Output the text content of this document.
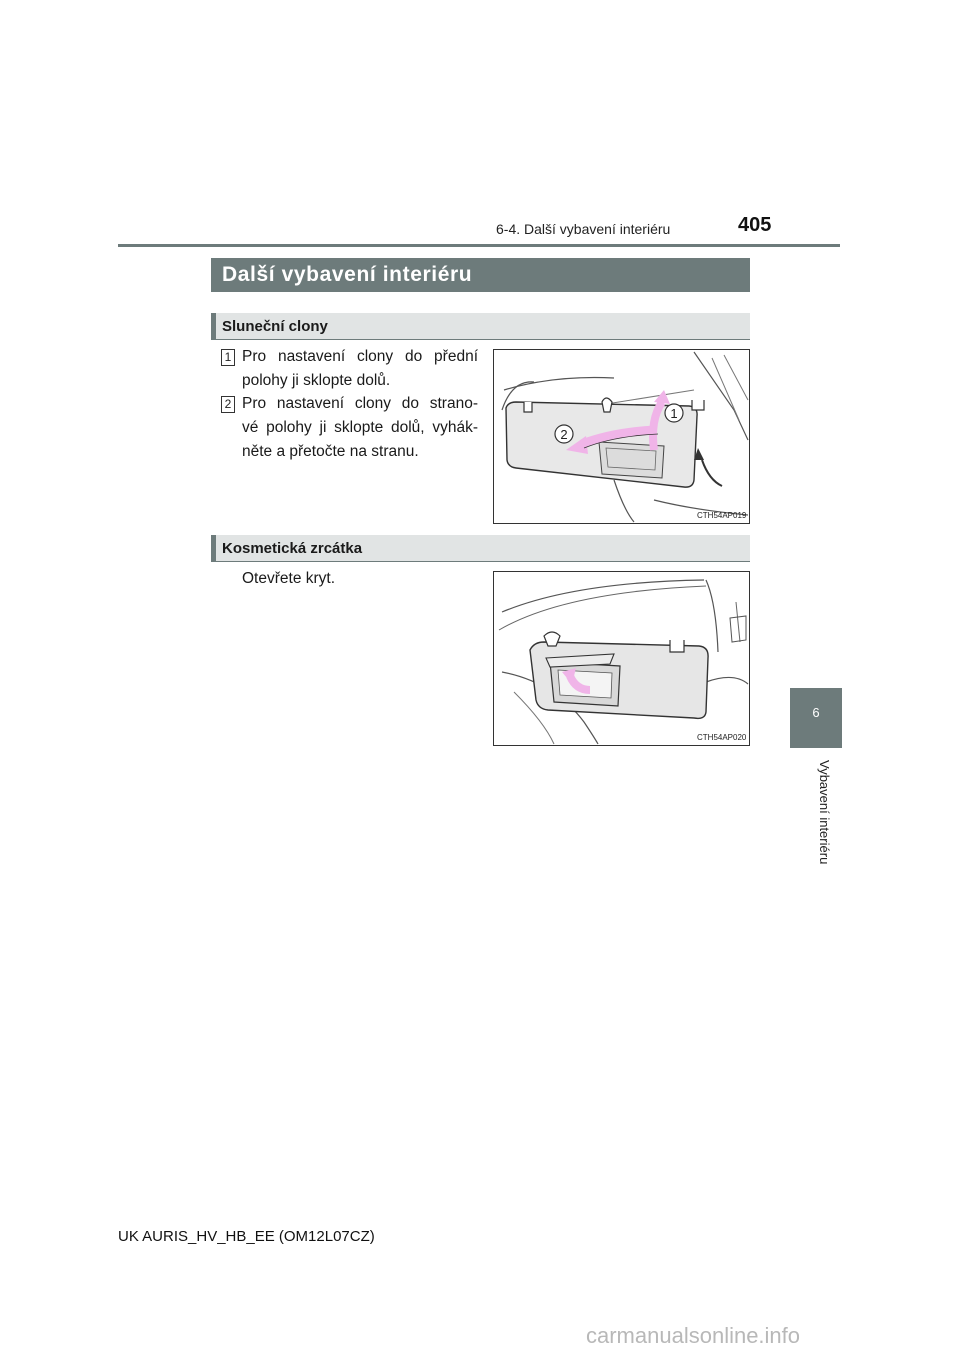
6-4. Další vybavení interiéru	405
Další vybavení interiéru
Sluneční clony
1 Pro nastavení clony do přední
polohy ji sklopte dolů.
2 Pro nastavení clony do strano-
vé polohy ji sklopte dolů, vyhák-
něte a přetočte na stranu.
1
2
CTH54AP019
Kosmetická zrcátka
Otevřete kryt.
CTH54AP020
6
Vybavení interiéru
UK AURIS_HV_HB_EE (OM12L07CZ)
carmanualsonline.info
